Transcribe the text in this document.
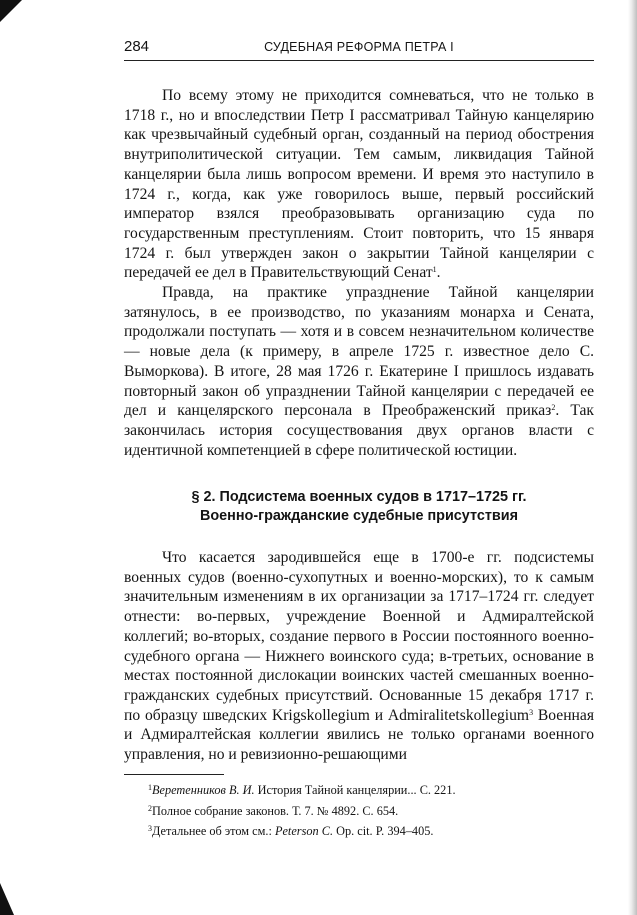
284	СУДЕБНАЯ РЕФОРМА ПЕТРА I

По всему этому не приходится сомневаться, что не только в 1718 г., но и впоследствии Петр I рассматривал Тайную канцелярию как чрезвычайный судебный орган, созданный на период обострения внутриполитической ситуации. Тем самым, ликвидация Тайной канцелярии была лишь вопросом времени. И время это наступило в 1724 г., когда, как уже говорилось выше, первый российский император взялся преобразовывать организацию суда по государственным преступлениям. Стоит повторить, что 15 января 1724 г. был утвержден закон о закрытии Тайной канцелярии с передачей ее дел в Правительствующий Сенат$^1$.

Правда, на практике упразднение Тайной канцелярии затянулось, в ее производство, по указаниям монарха и Сената, продолжали поступать — хотя и в совсем незначительном количестве — новые дела (к примеру, в апреле 1725 г. известное дело С. Выморкова). В итоге, 28 мая 1726 г. Екатерине I пришлось издавать повторный закон об упразднении Тайной канцелярии с передачей ее дел и канцелярского персонала в Преображенский приказ$^2$. Так закончилась история сосуществования двух органов власти с идентичной компетенцией в сфере политической юстиции.

§ 2. Подсистема военных судов в 1717–1725 гг.
Военно-гражданские судебные присутствия

Что касается зародившейся еще в 1700-е гг. подсистемы военных судов (военно-сухопутных и военно-морских), то к самым значительным изменениям в их организации за 1717–1724 гг. следует отнести: во-первых, учреждение Военной и Адмиралтейской коллегий; во-вторых, создание первого в России постоянного военно-судебного органа — Нижнего воинского суда; в-третьих, основание в местах постоянной дислокации воинских частей смешанных военно-гражданских судебных присутствий. Основанные 15 декабря 1717 г. по образцу шведских Krigskollegium и Admiralitetskollegium$^3$ Военная и Адмиралтейская коллегии явились не только органами военного управления, но и ревизионно-решающими

$^1$Веретенников В. И. История Тайной канцелярии... С. 221.
$^2$Полное собрание законов. Т. 7. № 4892. С. 654.
$^3$Детальнее об этом см.: Peterson C. Op. cit. P. 394–405.
